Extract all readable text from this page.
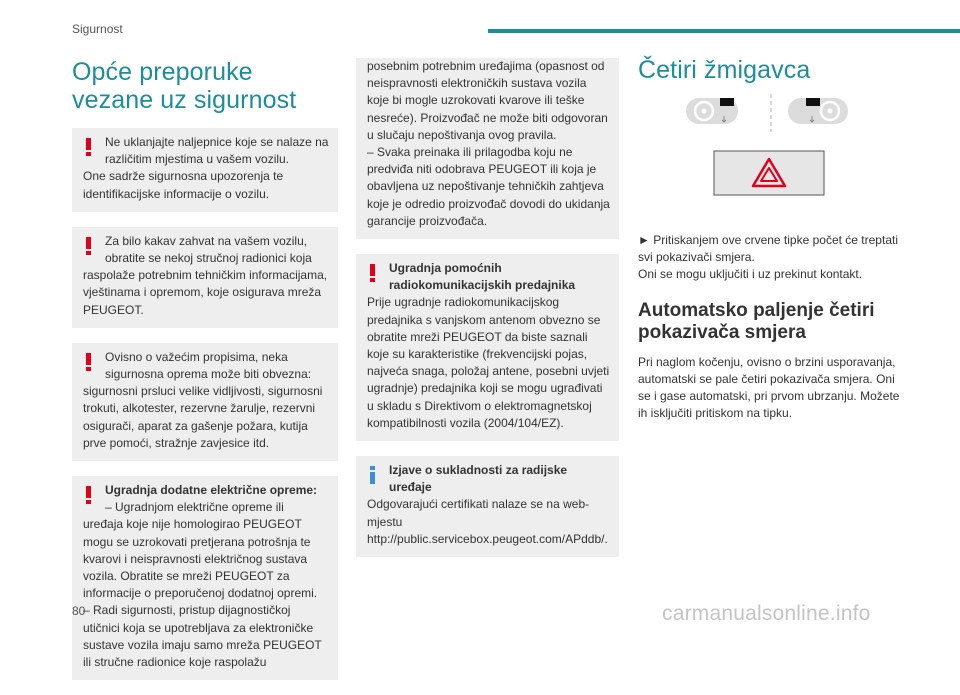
Sigurnost
Opće preporuke vezane uz sigurnost
Ne uklanjajte naljepnice koje se nalaze na različitim mjestima u vašem vozilu.
One sadrže sigurnosna upozorenja te identifikacijske informacije o vozilu.
Za bilo kakav zahvat na vašem vozilu, obratite se nekoj stručnoj radionici koja
raspolaže potrebnim tehničkim informacijama, vještinama i opremom, koje osigurava mreža PEUGEOT.
Ovisno o važećim propisima, neka sigurnosna oprema može biti obvezna:
sigurnosni prsluci velike vidljivosti, sigurnosni trokuti, alkotester, rezervne žarulje, rezervni osigurači, aparat za gašenje požara, kutija prve pomoći, stražnje zavjesice itd.
Ugradnja dodatne električne opreme:
– Ugradnjom električne opreme ili
uređaja koje nije homologirao PEUGEOT mogu se uzrokovati pretjerana potrošnja te kvarovi i neispravnosti električnog sustava vozila. Obratite se mreži PEUGEOT za informacije o preporučenoj dodatnoj opremi.
– Radi sigurnosti, pristup dijagnostičkoj utičnici koja se upotrebljava za elektroničke sustave vozila imaju samo mreža PEUGEOT ili stručne radionice koje raspolažu
posebnim potrebnim uređajima (opasnost od neispravnosti elektroničkih sustava vozila koje bi mogle uzrokovati kvarove ili teške nesreće). Proizvođač ne može biti odgovoran u slučaju nepoštivanja ovog pravila.
– Svaka preinaka ili prilagodba koju ne predviđa niti odobrava PEUGEOT ili koja je obavljena uz nepoštivanje tehničkih zahtjeva koje je odredio proizvođač dovodi do ukidanja garancije proizvođača.
Ugradnja pomoćnih radiokomunikacijskih predajnika
Prije ugradnje radiokomunikacijskog predajnika s vanjskom antenom obvezno se obratite mreži PEUGEOT da biste saznali koje su karakteristike (frekvencijski pojas, najveća snaga, položaj antene, posebni uvjeti ugradnje) predajnika koji se mogu ugrađivati u skladu s Direktivom o elektromagnetskoj kompatibilnosti vozila (2004/104/EZ).
Izjave o sukladnosti za radijske uređaje
Odgovarajući certifikati nalaze se na web-mjestu http://public.servicebox.peugeot.com/APddb/.
Četiri žmigavca

► Pritiskanjem ove crvene tipke počet će treptati svi pokazivači smjera.

Oni se mogu uključiti i uz prekinut kontakt.

Automatsko paljenje četiri pokazivača smjera

Pri naglom kočenju, ovisno o brzini usporavanja, automatski se pale četiri pokazivača smjera. Oni se i gase automatski, pri prvom ubrzanju. Možete ih isključiti pritiskom na tipku.

80	carmanualsonline.info
